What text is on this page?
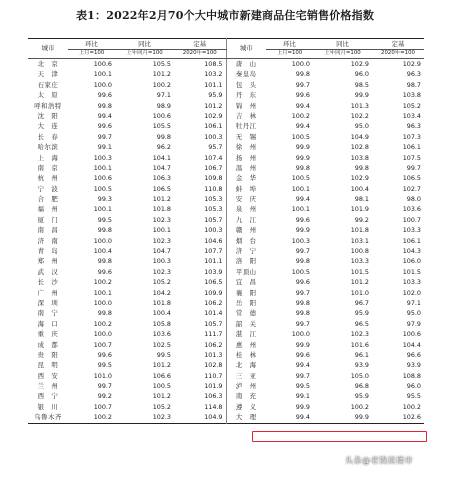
表1：2022年2月70个大中城市新建商品住宅销售价格指数
城市	环比	同比	定基	城市	环比	同比	定基
	上月=100	上年同月=100	2020年=100		上月=100	上年同月=100	2020年=100
北　京	100.6	105.5	108.5	唐　山	100.0	102.9	102.9
天　津	100.1	101.2	103.2	秦皇岛	99.8	96.0	96.3
石家庄	100.0	100.2	101.1	包　头	99.7	98.5	98.7
太　原	99.6	97.1	95.9	丹　东	99.6	99.9	103.8
呼和浩特	99.8	98.9	101.2	锦　州	99.4	101.3	105.2
沈　阳	99.4	100.6	102.9	吉　林	100.2	102.2	103.4
大　连	99.6	105.5	106.1	牡丹江	99.4	95.0	96.3
长　春	99.7	99.8	100.3	无　锡	100.5	104.9	107.3
哈尔滨	99.1	96.2	95.7	徐　州	99.9	102.8	106.1
上　海	100.3	104.1	107.4	扬　州	99.9	103.8	107.5
南　京	100.1	104.7	106.7	温　州	99.8	99.8	99.7
杭　州	100.6	106.3	109.8	金　华	100.5	102.9	106.5
宁　波	100.5	106.5	110.8	蚌　埠	100.1	100.4	102.7
合　肥	99.3	101.2	105.3	安　庆	99.4	98.1	98.0
福　州	100.1	101.8	105.3	泉　州	100.1	101.9	103.6
厦　门	99.5	102.3	105.7	九　江	99.6	99.2	100.7
南　昌	99.8	100.1	100.3	赣　州	99.9	101.8	103.3
济　南	100.0	102.3	104.6	烟　台	100.3	103.1	106.1
青　岛	100.4	104.7	107.7	济　宁	99.7	100.8	104.3
郑　州	99.8	100.3	101.1	洛　阳	99.8	103.3	106.0
武　汉	99.6	102.3	103.9	平顶山	100.5	101.5	101.5
长　沙	100.2	105.2	106.5	宜　昌	99.6	101.2	103.3
广　州	100.1	104.2	109.9	襄　阳	99.7	101.0	102.0
深　圳	100.0	101.8	106.2	岳　阳	99.8	96.7	97.1
南　宁	99.8	100.4	101.4	常　德	99.8	95.9	95.0
海　口	100.2	105.8	105.7	韶　关	99.7	96.5	97.9
重　庆	100.0	103.6	111.7	湛　江	100.0	102.3	100.6
成　都	100.7	102.5	106.2	惠　州	99.9	101.6	104.4
贵　阳	99.6	99.5	101.3	桂　林	99.6	96.1	96.6
昆　明	99.5	101.2	102.8	北　海	99.4	93.9	93.9
西　安	101.0	106.6	110.7	三　亚	99.7	105.0	108.8
兰　州	99.7	100.5	101.9	泸　州	99.5	96.8	96.0
西　宁	99.2	101.2	106.3	南　充	99.1	95.9	95.5
银　川	100.7	105.2	114.8	遵　义	99.9	100.2	100.2
乌鲁木齐	100.2	102.3	104.9	大　理	99.4	99.9	102.6
头条@老钱说楼市
